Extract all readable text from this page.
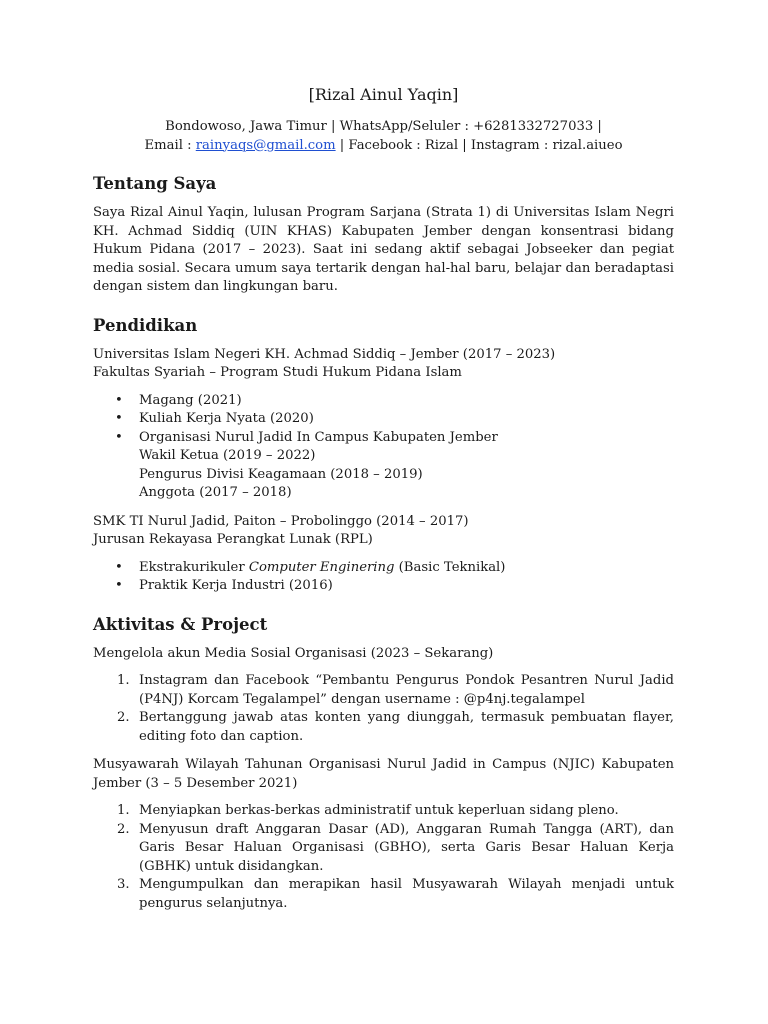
[Rizal Ainul Yaqin]
Bondowoso, Jawa Timur | WhatsApp/Seluler : +6281332727033 |
Email : rainyaqs@gmail.com | Facebook : Rizal | Instagram : rizal.aiueo
Tentang Saya

Saya Rizal Ainul Yaqin, lulusan Program Sarjana (Strata 1) di Universitas Islam Negri KH. Achmad Siddiq (UIN KHAS) Kabupaten Jember dengan konsentrasi bidang Hukum Pidana (2017 – 2023). Saat ini sedang aktif sebagai Jobseeker dan pegiat media sosial. Secara umum saya tertarik dengan hal-hal baru, belajar dan beradaptasi dengan sistem dan lingkungan baru.

Pendidikan

Universitas Islam Negeri KH. Achmad Siddiq – Jember (2017 – 2023)

Fakultas Syariah – Program Studi Hukum Pidana Islam

• Magang (2021)
• Kuliah Kerja Nyata (2020)
• Organisasi Nurul Jadid In Campus Kabupaten Jember
Wakil Ketua (2019 – 2022)
Pengurus Divisi Keagamaan (2018 – 2019)
Anggota (2017 – 2018)

SMK TI Nurul Jadid, Paiton – Probolinggo (2014 – 2017)

Jurusan Rekayasa Perangkat Lunak (RPL)

• Ekstrakurikuler Computer Enginering (Basic Teknikal)
• Praktik Kerja Industri (2016)
Aktivitas & Project

Mengelola akun Media Sosial Organisasi (2023 – Sekarang)

1. Instagram dan Facebook “Pembantu Pengurus Pondok Pesantren Nurul Jadid (P4NJ) Korcam Tegalampel” dengan username : @p4nj.tegalampel
2. Bertanggung jawab atas konten yang diunggah, termasuk pembuatan flayer, editing foto dan caption.

Musyawarah Wilayah Tahunan Organisasi Nurul Jadid in Campus (NJIC) Kabupaten Jember (3 – 5 Desember 2021)

1. Menyiapkan berkas-berkas administratif untuk keperluan sidang pleno.
2. Menyusun draft Anggaran Dasar (AD), Anggaran Rumah Tangga (ART), dan Garis Besar Haluan Organisasi (GBHO), serta Garis Besar Haluan Kerja (GBHK) untuk disidangkan.
3. Mengumpulkan dan merapikan hasil Musyawarah Wilayah menjadi untuk pengurus selanjutnya.
